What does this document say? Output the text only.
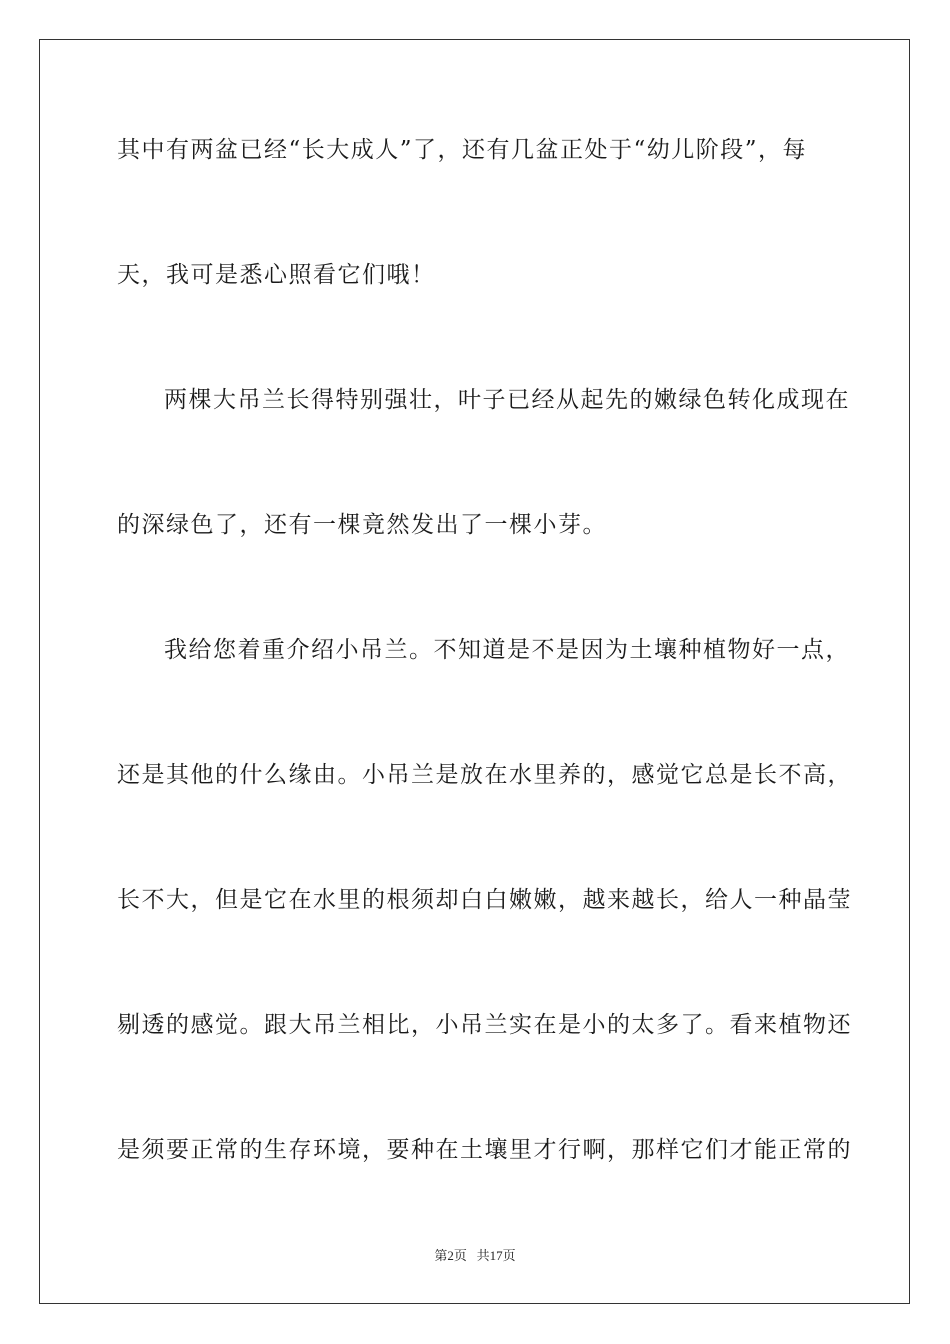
其中有两盆已经“长大成人”了，还有几盆正处于“幼儿阶段”，每
天，我可是悉心照看它们哦！
两棵大吊兰长得特别强壮，叶子已经从起先的嫩绿色转化成现在
的深绿色了，还有一棵竟然发出了一棵小芽。
我给您着重介绍小吊兰。不知道是不是因为土壤种植物好一点，
还是其他的什么缘由。小吊兰是放在水里养的，感觉它总是长不高，
长不大，但是它在水里的根须却白白嫩嫩，越来越长，给人一种晶莹
剔透的感觉。跟大吊兰相比，小吊兰实在是小的太多了。看来植物还
是须要正常的生存环境，要种在土壤里才行啊，那样它们才能正常的
第2页 共17页
